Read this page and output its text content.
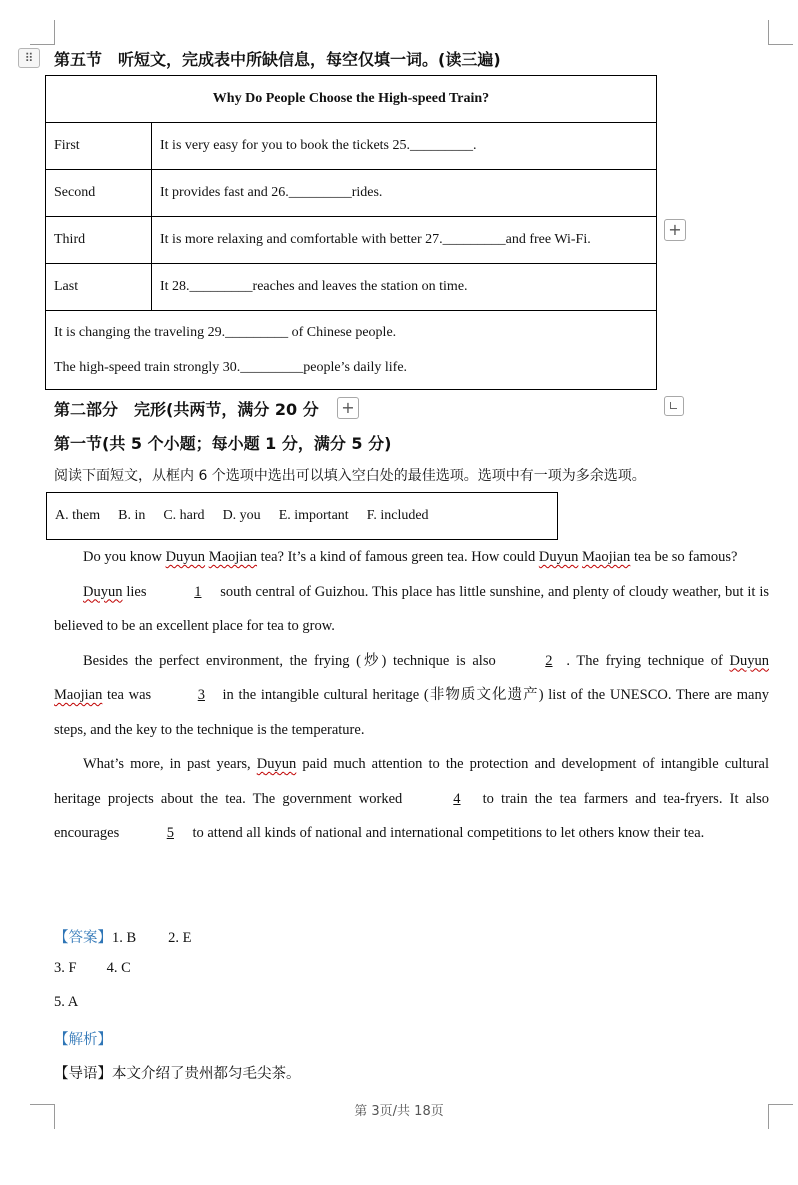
⠿	第五节　听短文，完成表中所缺信息，每空仅填一词。(读三遍)
Why Do People Choose the High-speed Train?	
First	It is very easy for you to book the tickets 25._________.
Second	It provides fast and 26._________rides.
Third	It is more relaxing and comfortable with better 27._________and free Wi-Fi.
Last	It 28._________reaches and leaves the station on time.

It is changing the traveling 29._________ of Chinese people.
The high-speed train strongly 30._________people’s daily life.	
+
第二部分　完形(共两节，满分 20 分 +
第一节(共 5 个小题；每小题 1 分，满分 5 分)
阅读下面短文，从框内 6 个选项中选出可以填入空白处的最佳选项。选项中有一项为多余选项。
A. them B. in C. hard D. you E. important F. included

Do you know Duyun Maojian tea? It’s a kind of famous green tea. How could Duyun Maojian tea be so famous?

Duyun lies	1 south central of Guizhou. This place has little sunshine, and plenty of cloudy weather, but it is believed to be an excellent place for tea to grow.

Besides the perfect environment, the frying (炒) technique is also	2 . The frying technique of Duyun Maojian tea was	3 in the intangible cultural heritage (非物质文化遗产) list of the UNESCO. There are many steps, and the key to the technique is the temperature.

What’s more, in past years, Duyun paid much attention to the protection and development of intangible cultural heritage projects about the tea. The government worked	4 to train the tea farmers and tea-fryers. It also encourages	5 to attend all kinds of national and international competitions to let others know their tea.

【答案】1. B 2. E
3. F 4. C
5. A
【解析】
【导语】本文介绍了贵州都匀毛尖茶。
第 3页/共 18页
